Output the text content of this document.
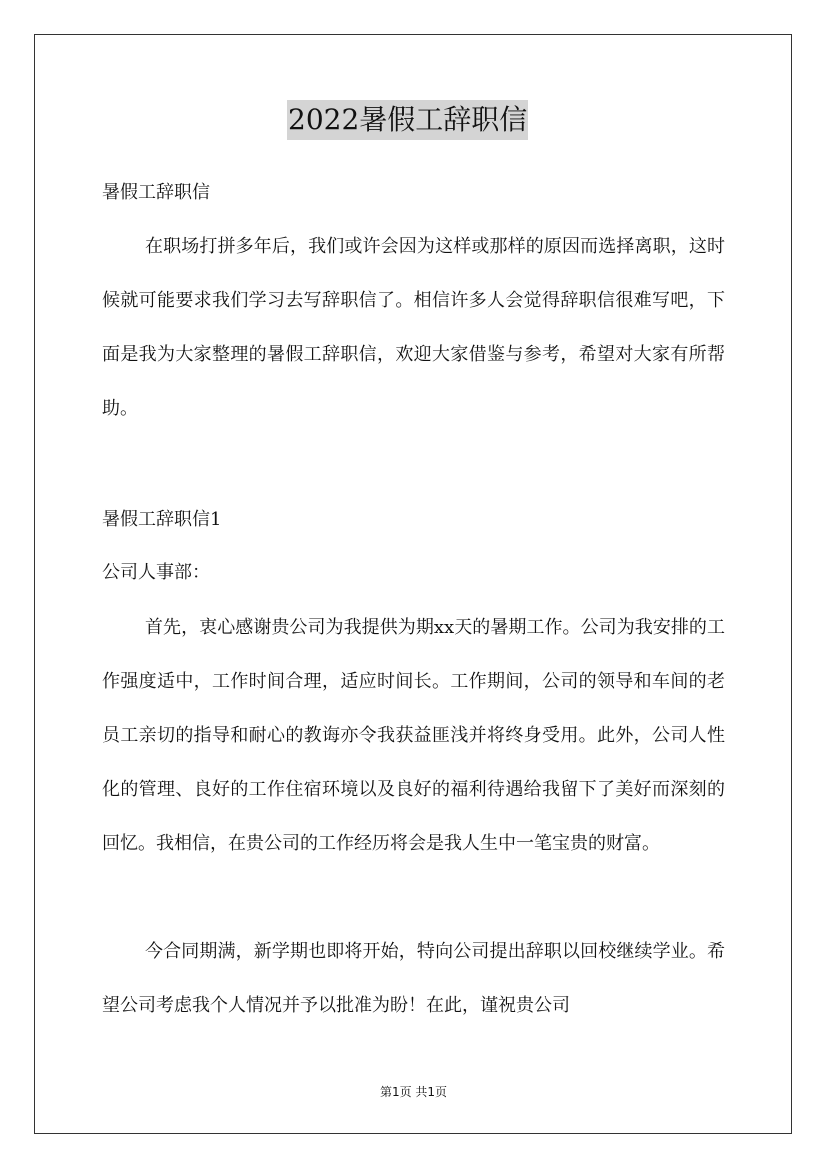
2022暑假工辞职信
暑假工辞职信
在职场打拼多年后，我们或许会因为这样或那样的原因而选择离职，这时候就可能要求我们学习去写辞职信了。相信许多人会觉得辞职信很难写吧，下面是我为大家整理的暑假工辞职信，欢迎大家借鉴与参考，希望对大家有所帮助。
暑假工辞职信1
公司人事部：
首先，衷心感谢贵公司为我提供为期xx天的暑期工作。公司为我安排的工作强度适中，工作时间合理，适应时间长。工作期间，公司的领导和车间的老员工亲切的指导和耐心的教诲亦令我获益匪浅并将终身受用。此外，公司人性化的管理、良好的工作住宿环境以及良好的福利待遇给我留下了美好而深刻的回忆。我相信，在贵公司的工作经历将会是我人生中一笔宝贵的财富。
今合同期满，新学期也即将开始，特向公司提出辞职以回校继续学业。希望公司考虑我个人情况并予以批准为盼！在此，谨祝贵公司
第1页 共1页
